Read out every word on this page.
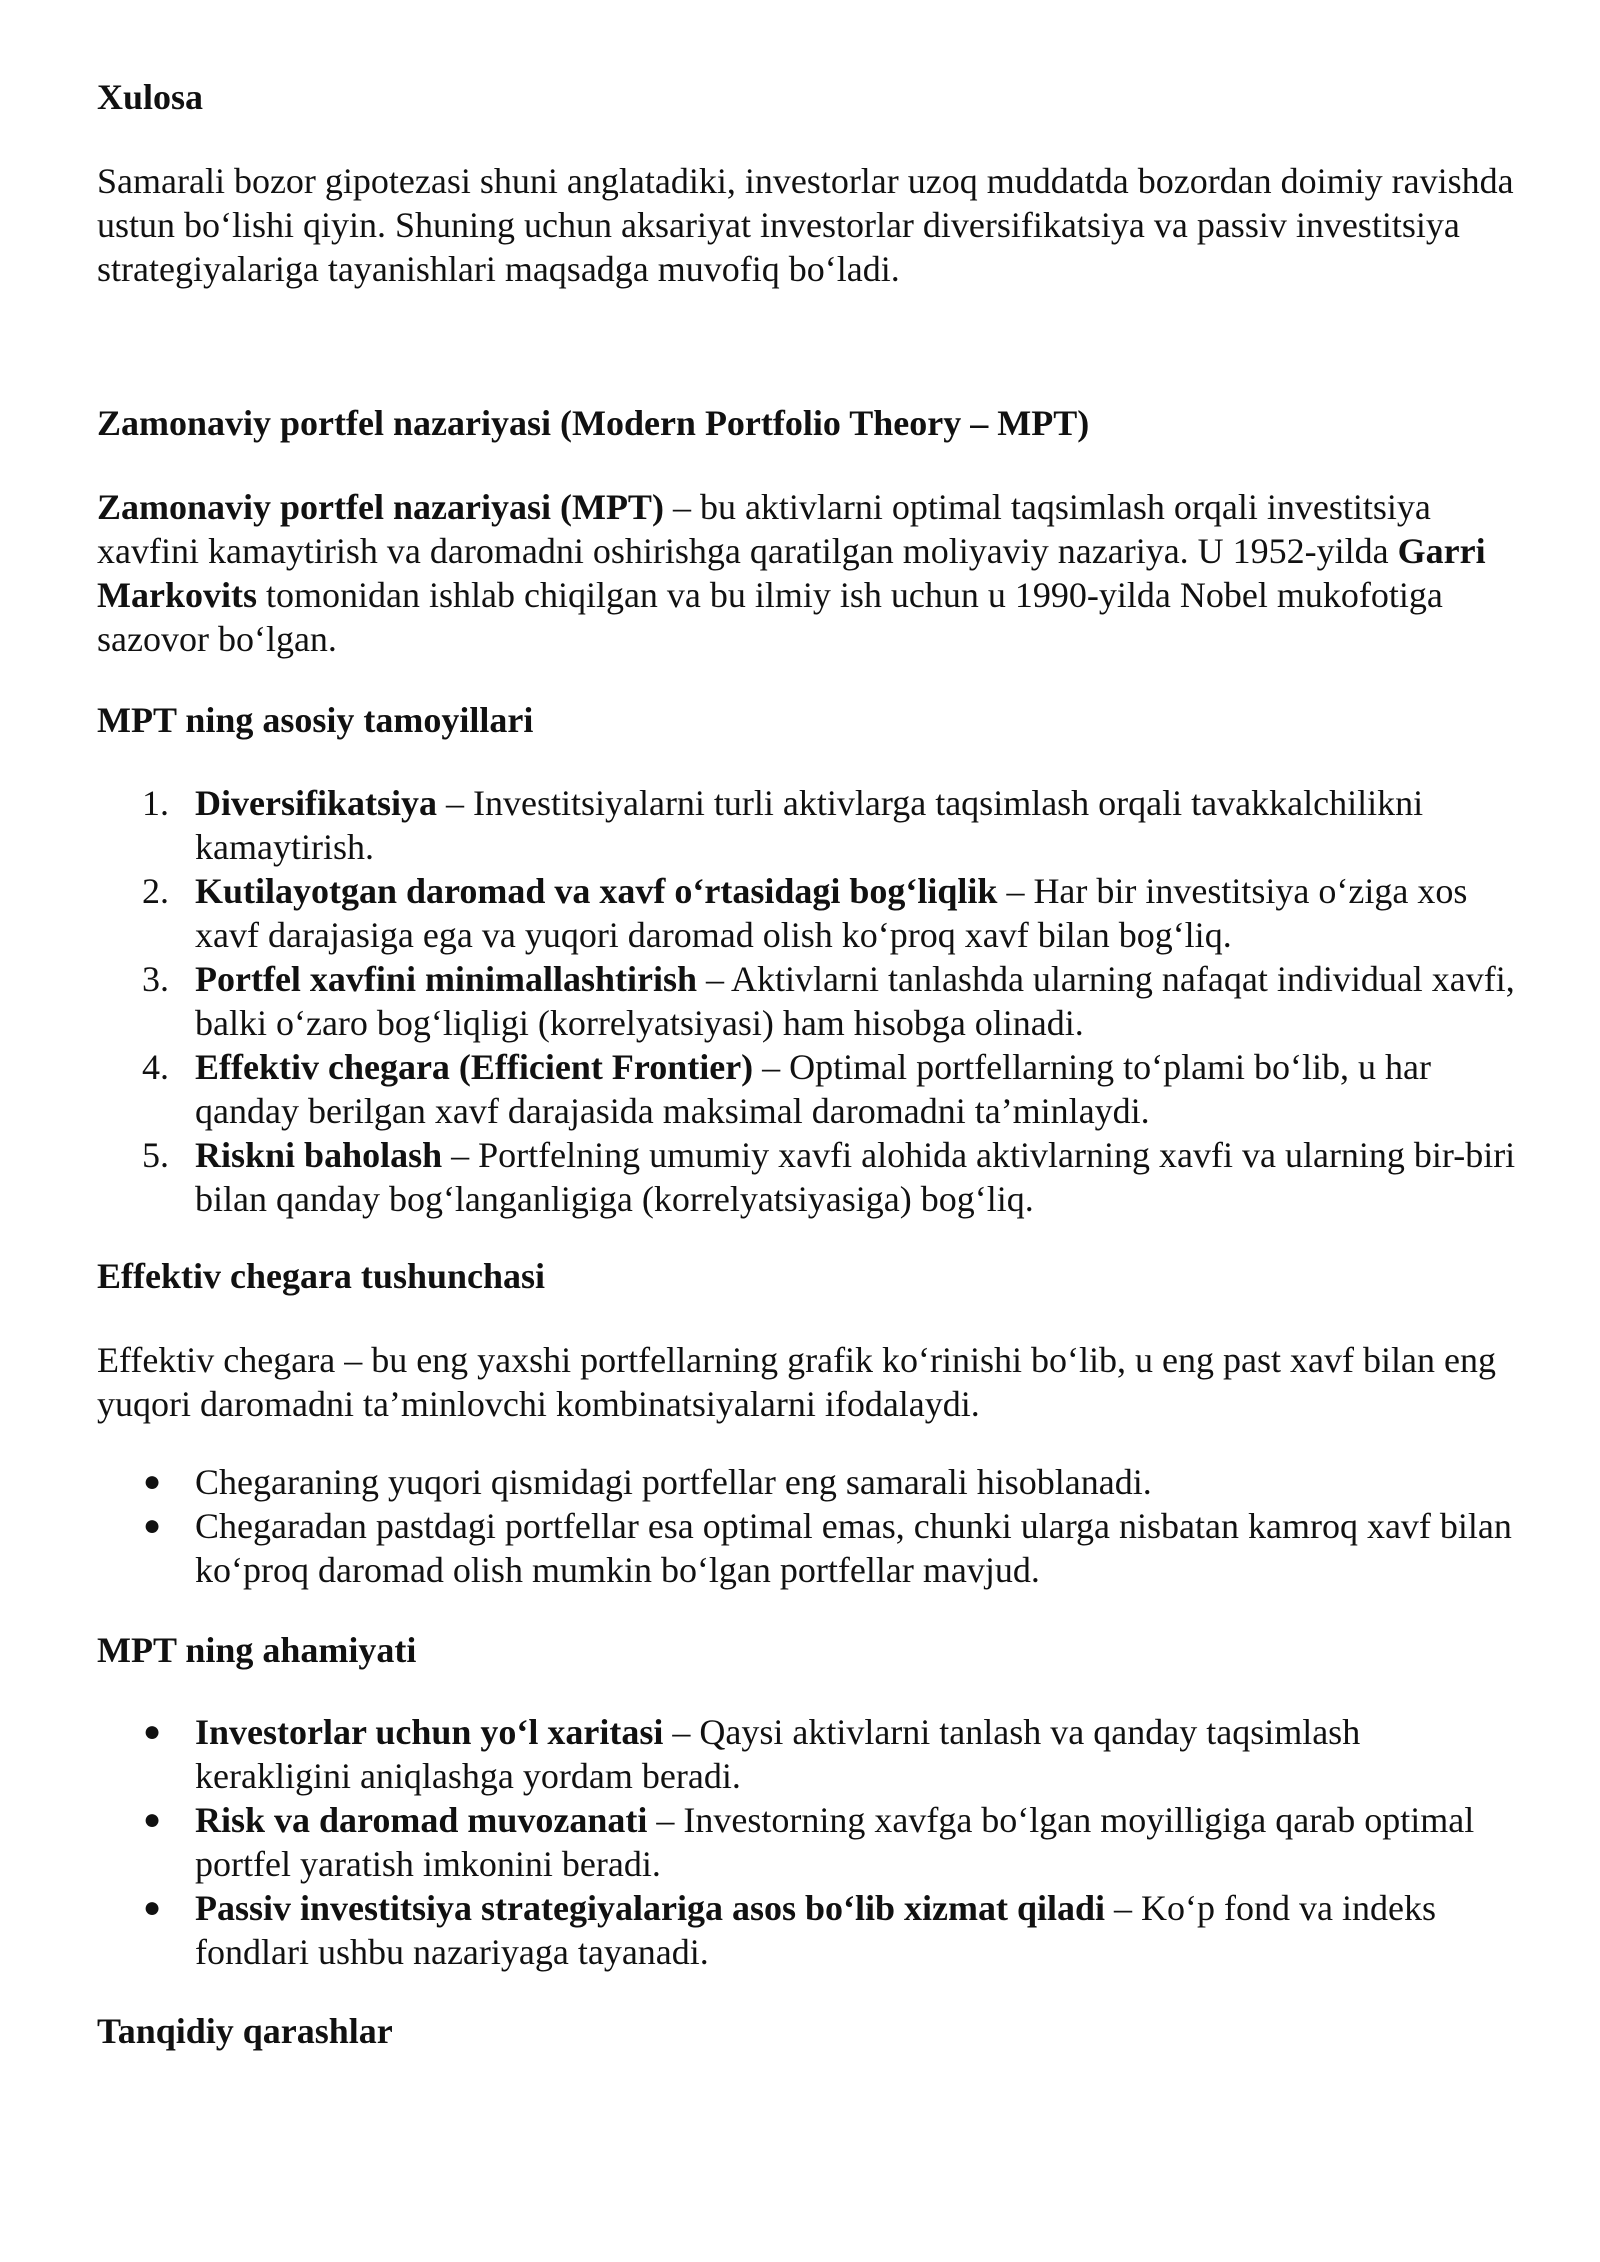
Xulosa

Samarali bozor gipotezasi shuni anglatadiki, investorlar uzoq muddatda bozordan doimiy ravishda ustun bo‘lishi qiyin. Shuning uchun aksariyat investorlar diversifikatsiya va passiv investitsiya strategiyalariga tayanishlari maqsadga muvofiq bo‘ladi.

Zamonaviy portfel nazariyasi (Modern Portfolio Theory – MPT)

Zamonaviy portfel nazariyasi (MPT) – bu aktivlarni optimal taqsimlash orqali investitsiya xavfini kamaytirish va daromadni oshirishga qaratilgan moliyaviy nazariya. U 1952-yilda Garri Markovits tomonidan ishlab chiqilgan va bu ilmiy ish uchun u 1990-yilda Nobel mukofotiga sazovor bo‘lgan.

MPT ning asosiy tamoyillari
1. Diversifikatsiya – Investitsiyalarni turli aktivlarga taqsimlash orqali tavakkalchilikni kamaytirish.
2. Kutilayotgan daromad va xavf o‘rtasidagi bog‘liqlik – Har bir investitsiya o‘ziga xos xavf darajasiga ega va yuqori daromad olish ko‘proq xavf bilan bog‘liq.
3. Portfel xavfini minimallashtirish – Aktivlarni tanlashda ularning nafaqat individual xavfi, balki o‘zaro bog‘liqligi (korrelyatsiyasi) ham hisobga olinadi.
4. Effektiv chegara (Efficient Frontier) – Optimal portfellarning to‘plami bo‘lib, u har qanday berilgan xavf darajasida maksimal daromadni ta’minlaydi.
5. Riskni baholash – Portfelning umumiy xavfi alohida aktivlarning xavfi va ularning bir-biri bilan qanday bog‘langanligiga (korrelyatsiyasiga) bog‘liq.
Effektiv chegara tushunchasi

Effektiv chegara – bu eng yaxshi portfellarning grafik ko‘rinishi bo‘lib, u eng past xavf bilan eng yuqori daromadni ta’minlovchi kombinatsiyalarni ifodalaydi.

● Chegaraning yuqori qismidagi portfellar eng samarali hisoblanadi.
● Chegaradan pastdagi portfellar esa optimal emas, chunki ularga nisbatan kamroq xavf bilan ko‘proq daromad olish mumkin bo‘lgan portfellar mavjud.
MPT ning ahamiyati
● Investorlar uchun yo‘l xaritasi – Qaysi aktivlarni tanlash va qanday taqsimlash kerakligini aniqlashga yordam beradi.
● Risk va daromad muvozanati – Investorning xavfga bo‘lgan moyilligiga qarab optimal portfel yaratish imkonini beradi.
● Passiv investitsiya strategiyalariga asos bo‘lib xizmat qiladi – Ko‘p fond va indeks fondlari ushbu nazariyaga tayanadi.
Tanqidiy qarashlar
